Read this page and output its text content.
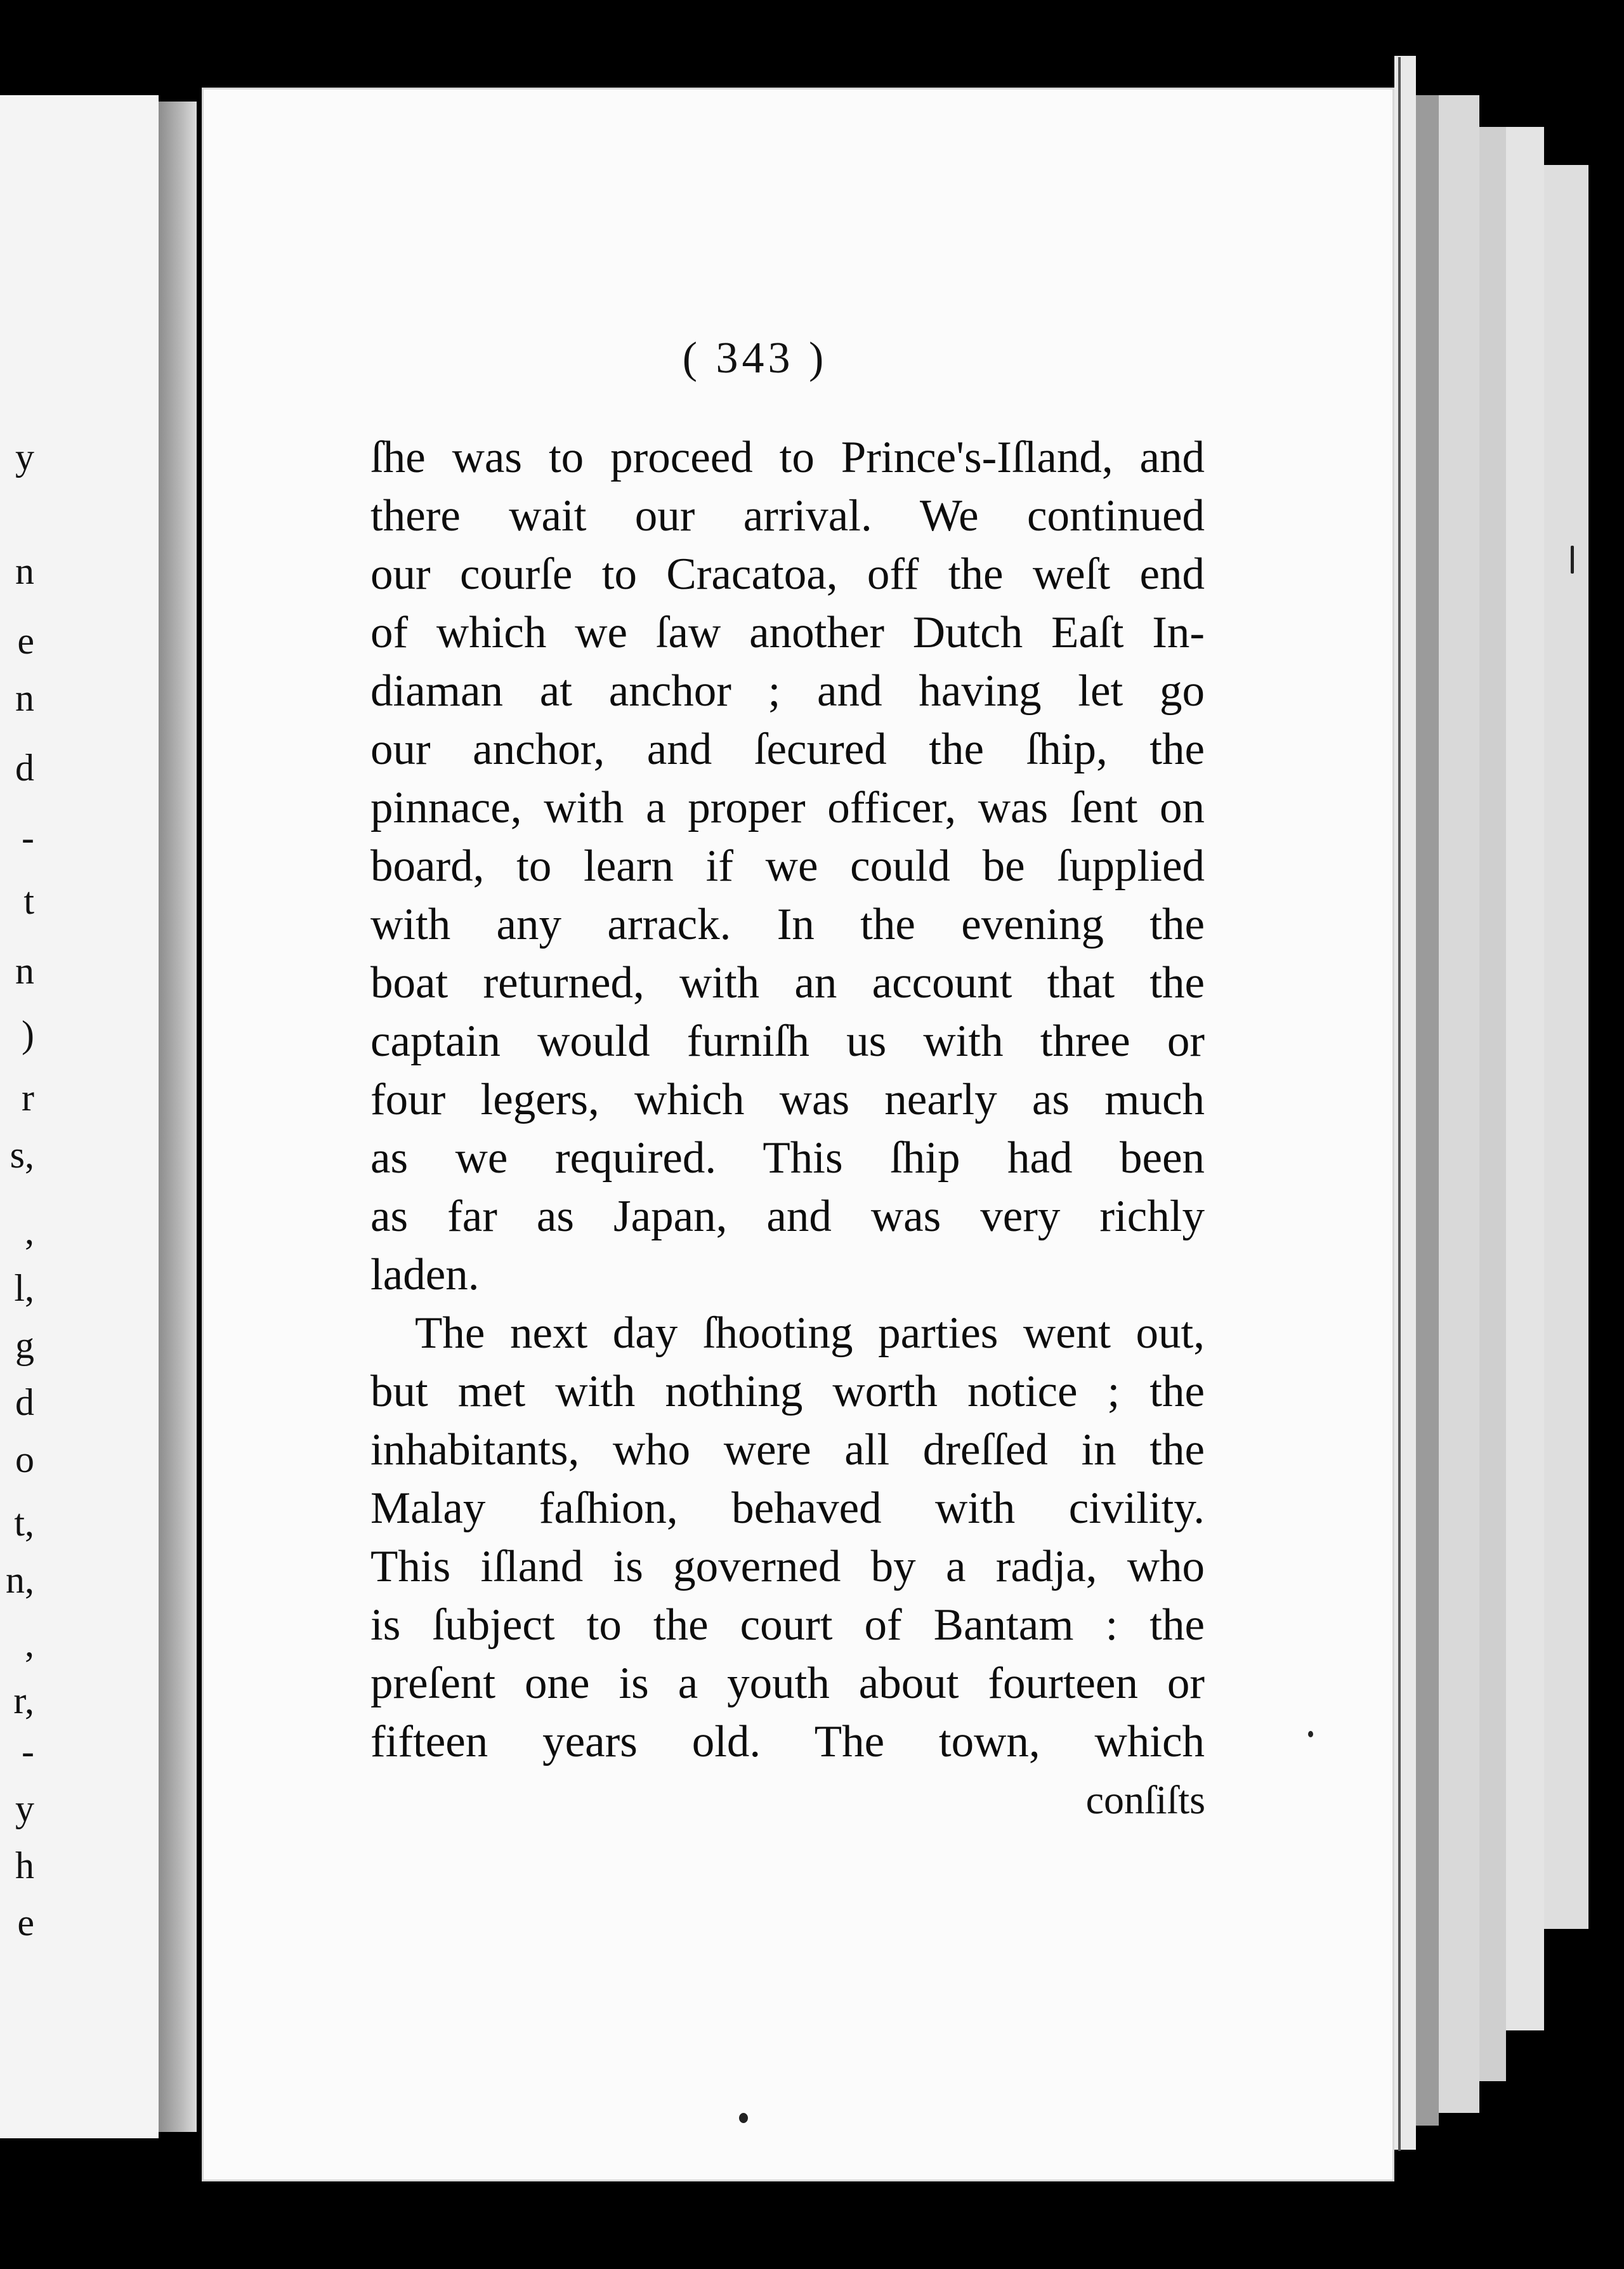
y
n
e
n
d
-
t
n
)
r
s,
,
l,
g
d
o
t,
n,
,
r,
-
y
h
e
( 343 )
ſhe was to proceed to Prince's-Iſland, and
there wait our arrival. We continued
our courſe to Cracatoa, off the weſt end
of which we ſaw another Dutch Eaſt In-
diaman at anchor ; and having let go
our anchor, and ſecured the ſhip, the
pinnace, with a proper officer, was ſent on
board, to learn if we could be ſupplied
with any arrack. In the evening the
boat returned, with an account that the
captain would furniſh us with three or
four legers, which was nearly as much
as we required. This ſhip had been
as far as Japan, and was very richly
laden.
The next day ſhooting parties went out,
but met with nothing worth notice ; the
inhabitants, who were all dreſſed in the
Malay faſhion, behaved with civility.
This iſland is governed by a radja, who
is ſubject to the court of Bantam : the
preſent one is a youth about fourteen or
fifteen years old. The town, which
conſiſts
